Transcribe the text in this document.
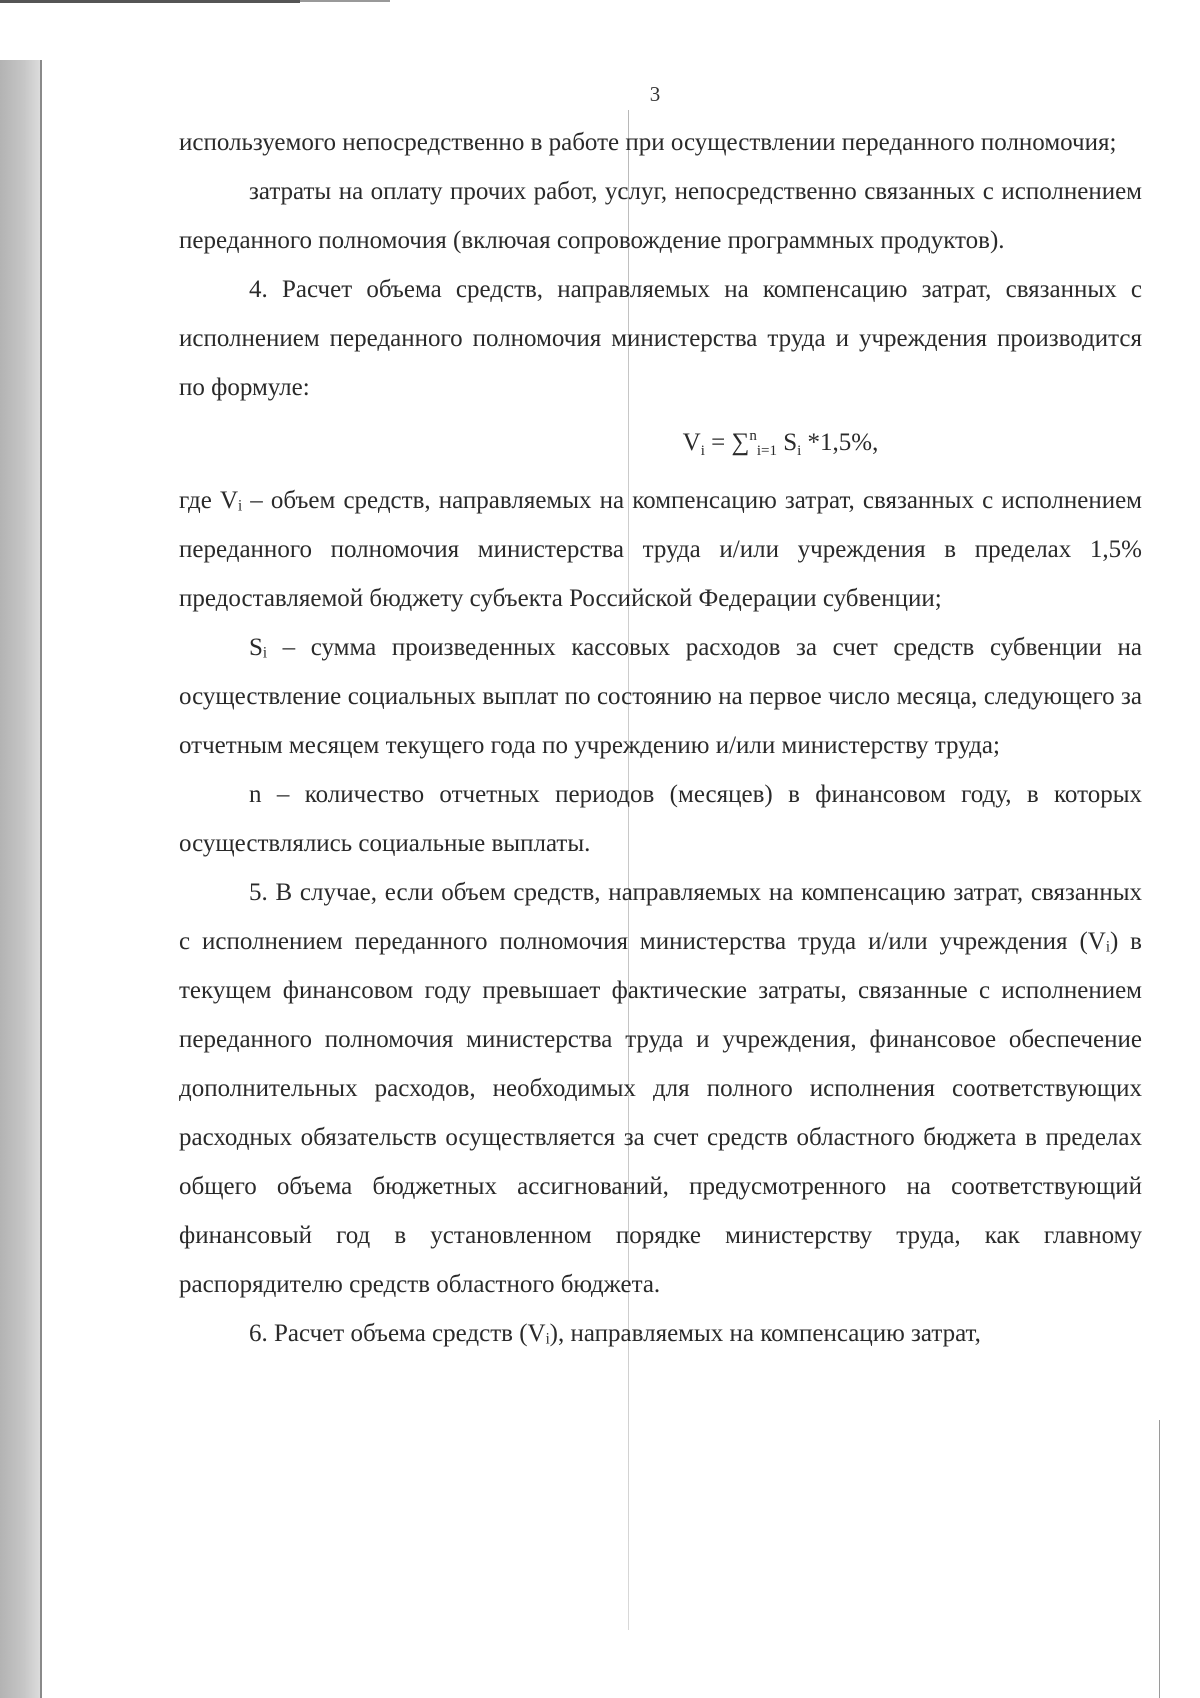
3

используемого непосредственно в работе при осуществлении переданного полномочия;

затраты на оплату прочих работ, услуг, непосредственно связанных с исполнением переданного полномочия (включая сопровождение программных продуктов).

4. Расчет объема средств, направляемых на компенсацию затрат, связанных с исполнением переданного полномочия министерства труда и учреждения производится по формуле:

$V_i = \sum^n_{i=1}$ $S_i$ *1,5%,

где Vᵢ – объем средств, направляемых на компенсацию затрат, связанных с исполнением переданного полномочия министерства труда и/или учреждения в пределах 1,5% предоставляемой бюджету субъекта Российской Федерации субвенции;

Sᵢ – сумма произведенных кассовых расходов за счет средств субвенции на осуществление социальных выплат по состоянию на первое число месяца, следующего за отчетным месяцем текущего года по учреждению и/или министерству труда;

n – количество отчетных периодов (месяцев) в финансовом году, в которых осуществлялись социальные выплаты.

5. В случае, если объем средств, направляемых на компенсацию затрат, связанных с исполнением переданного полномочия министерства труда и/или учреждения (Vᵢ) в текущем финансовом году превышает фактические затраты, связанные с исполнением переданного полномочия министерства труда и учреждения, финансовое обеспечение дополнительных расходов, необходимых для полного исполнения соответствующих расходных обязательств осуществляется за счет средств областного бюджета в пределах общего объема бюджетных ассигнований, предусмотренного на соответствующий финансовый год в установленном порядке министерству труда, как главному распорядителю средств областного бюджета.

6. Расчет объема средств (Vᵢ), направляемых на компенсацию затрат,
